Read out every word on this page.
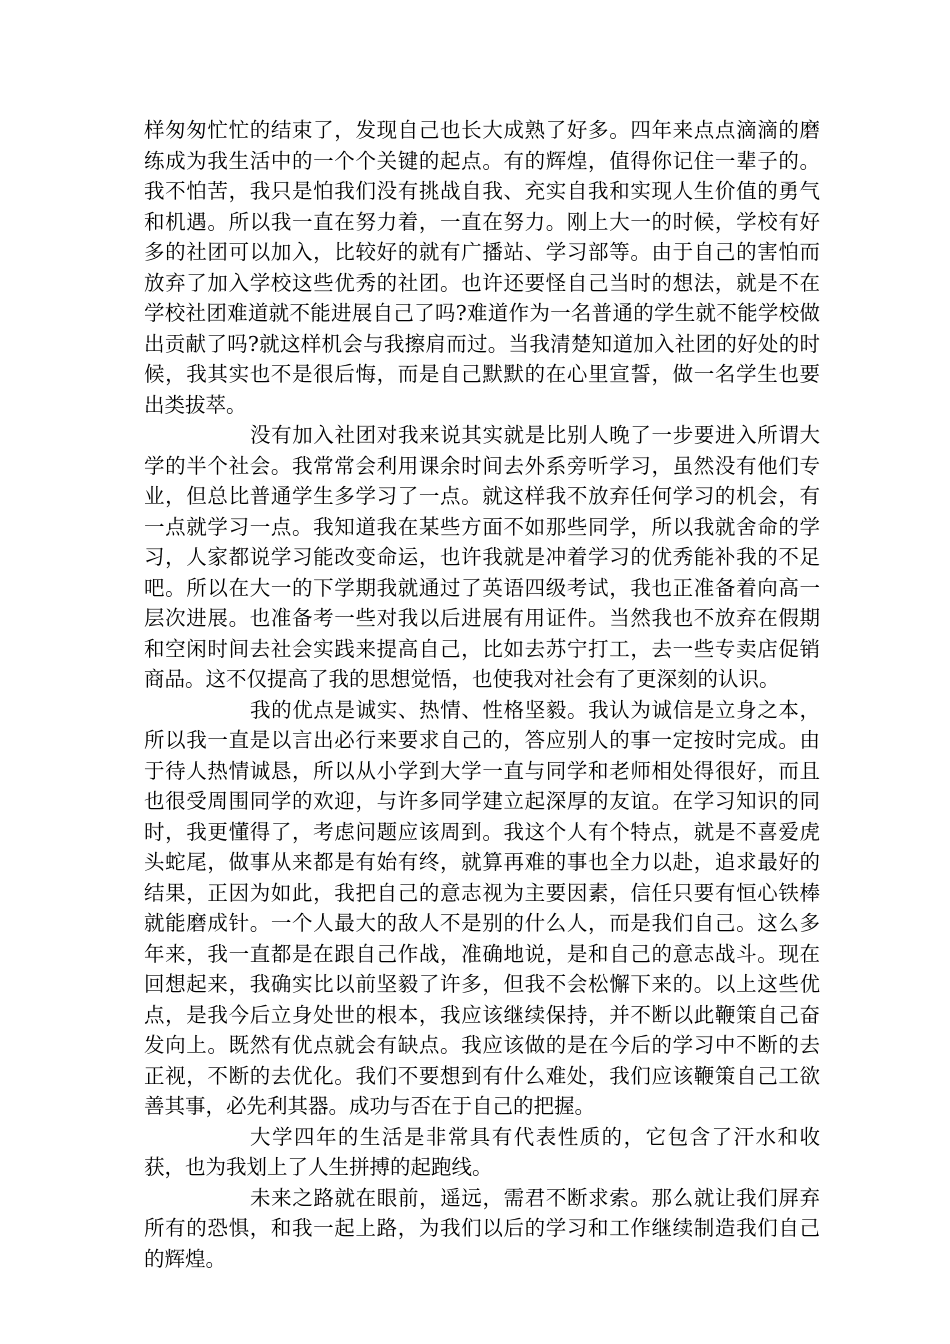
样匆匆忙忙的结束了，发现自己也长大成熟了好多。四年来点点滴滴的磨练成为我生活中的一个个关键的起点。有的辉煌，值得你记住一辈子的。我不怕苦，我只是怕我们没有挑战自我、充实自我和实现人生价值的勇气和机遇。所以我一直在努力着，一直在努力。刚上大一的时候，学校有好多的社团可以加入，比较好的就有广播站、学习部等。由于自己的害怕而放弃了加入学校这些优秀的社团。也许还要怪自己当时的想法，就是不在学校社团难道就不能进展自己了吗?难道作为一名普通的学生就不能学校做出贡献了吗?就这样机会与我擦肩而过。当我清楚知道加入社团的好处的时候，我其实也不是很后悔，而是自己默默的在心里宣誓，做一名学生也要出类拔萃。

没有加入社团对我来说其实就是比别人晚了一步要进入所谓大学的半个社会。我常常会利用课余时间去外系旁听学习，虽然没有他们专业，但总比普通学生多学习了一点。就这样我不放弃任何学习的机会，有一点就学习一点。我知道我在某些方面不如那些同学，所以我就舍命的学习，人家都说学习能改变命运，也许我就是冲着学习的优秀能补我的不足吧。所以在大一的下学期我就通过了英语四级考试，我也正准备着向高一层次进展。也准备考一些对我以后进展有用证件。当然我也不放弃在假期和空闲时间去社会实践来提高自己，比如去苏宁打工，去一些专卖店促销商品。这不仅提高了我的思想觉悟，也使我对社会有了更深刻的认识。

我的优点是诚实、热情、性格坚毅。我认为诚信是立身之本，所以我一直是以言出必行来要求自己的，答应别人的事一定按时完成。由于待人热情诚恳，所以从小学到大学一直与同学和老师相处得很好，而且也很受周围同学的欢迎，与许多同学建立起深厚的友谊。在学习知识的同时，我更懂得了，考虑问题应该周到。我这个人有个特点，就是不喜爱虎头蛇尾，做事从来都是有始有终，就算再难的事也全力以赴，追求最好的结果，正因为如此，我把自己的意志视为主要因素，信任只要有恒心铁棒就能磨成针。一个人最大的敌人不是别的什么人，而是我们自己。这么多年来，我一直都是在跟自己作战，准确地说，是和自己的意志战斗。现在回想起来，我确实比以前坚毅了许多，但我不会松懈下来的。以上这些优点，是我今后立身处世的根本，我应该继续保持，并不断以此鞭策自己奋发向上。既然有优点就会有缺点。我应该做的是在今后的学习中不断的去正视，不断的去优化。我们不要想到有什么难处，我们应该鞭策自己工欲善其事，必先利其器。成功与否在于自己的把握。

大学四年的生活是非常具有代表性质的，它包含了汗水和收获，也为我划上了人生拼搏的起跑线。

未来之路就在眼前，遥远，需君不断求索。那么就让我们屏弃所有的恐惧，和我一起上路，为我们以后的学习和工作继续制造我们自己的辉煌。
